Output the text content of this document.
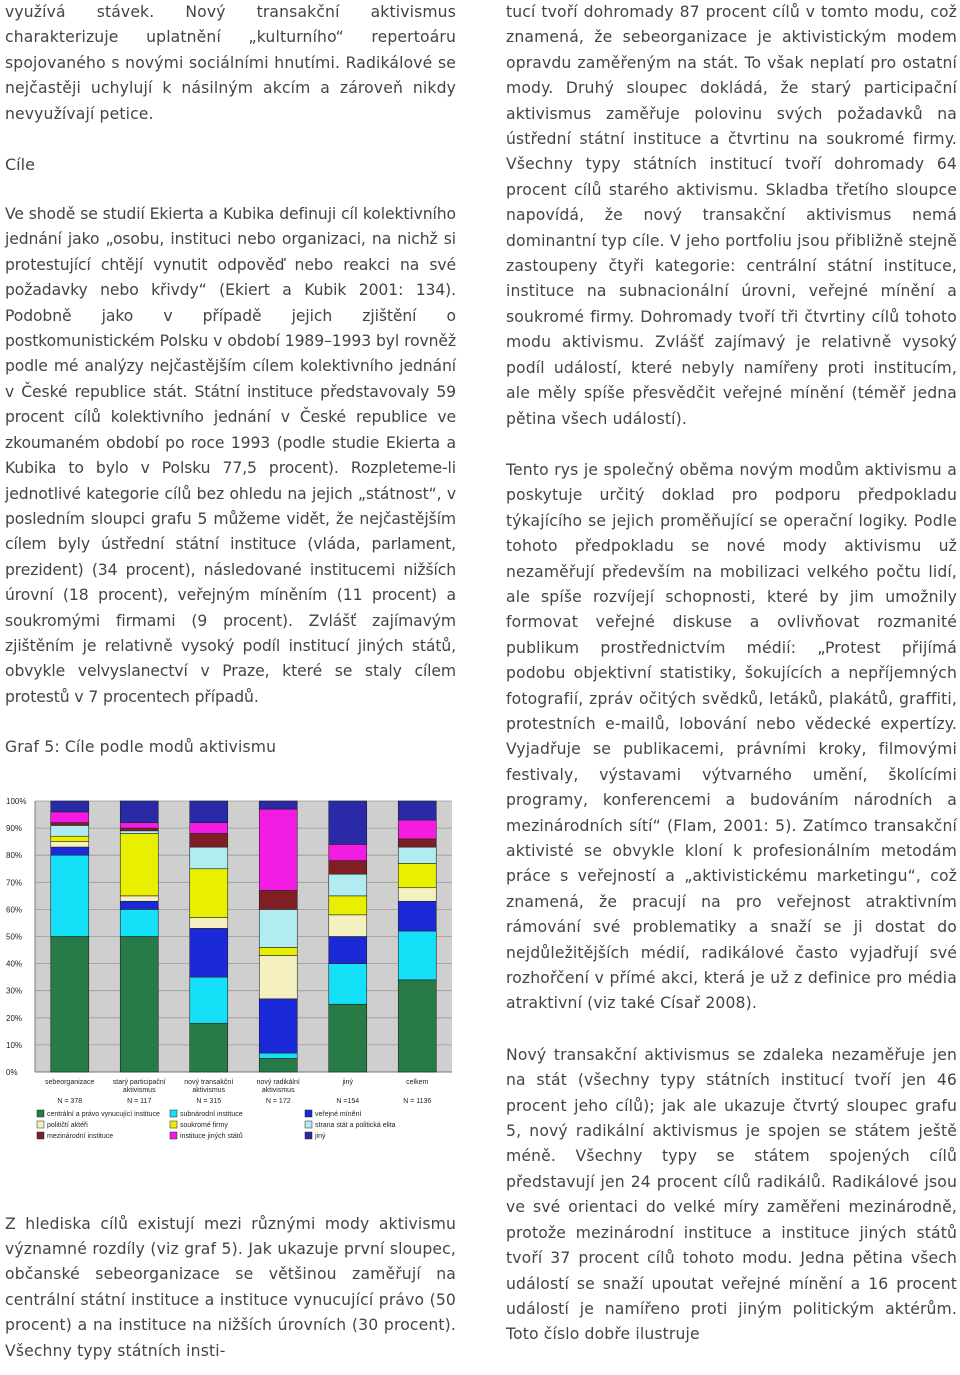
využívá stávek. Nový transakční aktivismus charakterizuje uplatnění „kulturního“ repertoáru spojovaného s novými sociálními hnutími. Radikálové se nejčastěji uchylují k násilným akcím a zároveň nikdy nevyužívají petice.

Cíle

Ve shodě se studií Ekierta a Kubika definuji cíl kolektivního jednání jako „osobu, instituci nebo organizaci, na nichž si protestující chtějí vynutit odpověď nebo reakci na své požadavky nebo křivdy“ (Ekiert a Kubik 2001: 134). Podobně jako v případě jejich zjištění o postkomunistickém Polsku v období 1989–1993 byl rovněž podle mé analýzy nejčastějším cílem kolektivního jednání v České republice stát. Státní instituce představovaly 59 procent cílů kolektivního jednání v České republice ve zkoumaném období po roce 1993 (podle studie Ekierta a Kubika to bylo v Polsku 77,5 procent). Rozpleteme-li jednotlivé kategorie cílů bez ohledu na jejich „státnost“, v posledním sloupci grafu 5 můžeme vidět, že nejčastějším cílem byly ústřední státní instituce (vláda, parlament, prezident) (34 procent), následované institucemi nižších úrovní (18 procent), veřejným míněním (11 procent) a soukromými firmami (9 procent). Zvlášť zajímavým zjištěním je relativně vysoký podíl institucí jiných států, obvykle velvyslanectví v Praze, které se staly cílem protestů v 7 procentech případů.

Graf 5: Cíle podle modů aktivismu

0%
10%
20%
30%
40%
50%
60%
70%
80%
90%
100%
sebeorganizace
N = 378
starý participační
aktivismus
N = 117
nový transakční
aktivismus
N = 315
nový radikální
aktivismus
N = 172
jiný
N =154
celkem
N = 1136
centrální a právo vynucující instituce	subnárodní instituce	veřejné mínění
političtí aktéři	soukromé firmy	strana stát a politická elita
mezinárodní instituce	instituce jiných států	jiný

Z hlediska cílů existují mezi různými mody aktivismu významné rozdíly (viz graf 5). Jak ukazuje první sloupec, občanské sebeorganizace se většinou zaměřují na centrální státní instituce a instituce vynucující právo (50 procent) a na instituce na nižších úrovních (30 procent). Všechny typy státních insti-

tucí tvoří dohromady 87 procent cílů v tomto modu, což znamená, že sebeorganizace je aktivistickým modem opravdu zaměřeným na stát. To však neplatí pro ostatní mody. Druhý sloupec dokládá, že starý participační aktivismus zaměřuje polovinu svých požadavků na ústřední státní instituce a čtvrtinu na soukromé firmy. Všechny typy státních institucí tvoří dohromady 64 procent cílů starého aktivismu. Skladba třetího sloupce napovídá, že nový transakční aktivismus nemá dominantní typ cíle. V jeho portfoliu jsou přibližně stejně zastoupeny čtyři kategorie: centrální státní instituce, instituce na subnacionální úrovni, veřejné mínění a soukromé firmy. Dohromady tvoří tři čtvrtiny cílů tohoto modu aktivismu. Zvlášť zajímavý je relativně vysoký podíl událostí, které nebyly namířeny proti institucím, ale měly spíše přesvědčit veřejné mínění (téměř jedna pětina všech událostí).

Tento rys je společný oběma novým modům aktivismu a poskytuje určitý doklad pro podporu předpokladu týkajícího se jejich proměňující se operační logiky. Podle tohoto předpokladu se nové mody aktivismu už nezaměřují především na mobilizaci velkého počtu lidí, ale spíše rozvíjejí schopnosti, které by jim umožnily formovat veřejné diskuse a ovlivňovat rozmanité publikum prostřednictvím médií: „Protest přijímá podobu objektivní statistiky, šokujících a nepříjemných fotografií, zpráv očitých svědků, letáků, plakátů, graffiti, protestních e-mailů, lobování nebo vědecké expertízy. Vyjadřuje se publikacemi, právními kroky, filmovými festivaly, výstavami výtvarného umění, školícími programy, konferencemi a budováním národních a mezinárodních sítí“ (Flam, 2001: 5). Zatímco transakční aktivisté se obvykle kloní k profesionálním metodám práce s veřejností a „aktivistickému marketingu“, což znamená, že pracují na pro veřejnost atraktivním rámování své problematiky a snaží se ji dostat do nejdůležitějších médií, radikálové často vyjadřují své rozhořčení v přímé akci, která je už z definice pro média atraktivní (viz také Císař 2008).

Nový transakční aktivismus se zdaleka nezaměřuje jen na stát (všechny typy státních institucí tvoří jen 46 procent jeho cílů); jak ale ukazuje čtvrtý sloupec grafu 5, nový radikální aktivismus je spojen se státem ještě méně. Všechny typy se státem spojených cílů představují jen 24 procent cílů radikálů. Radikálové jsou ve své orientaci do velké míry zaměřeni mezinárodně, protože mezinárodní instituce a instituce jiných států tvoří 37 procent cílů tohoto modu. Jedna pětina všech událostí se snaží upoutat veřejné mínění a 16 procent událostí je namířeno proti jiným politickým aktérům. Toto číslo dobře ilustruje
